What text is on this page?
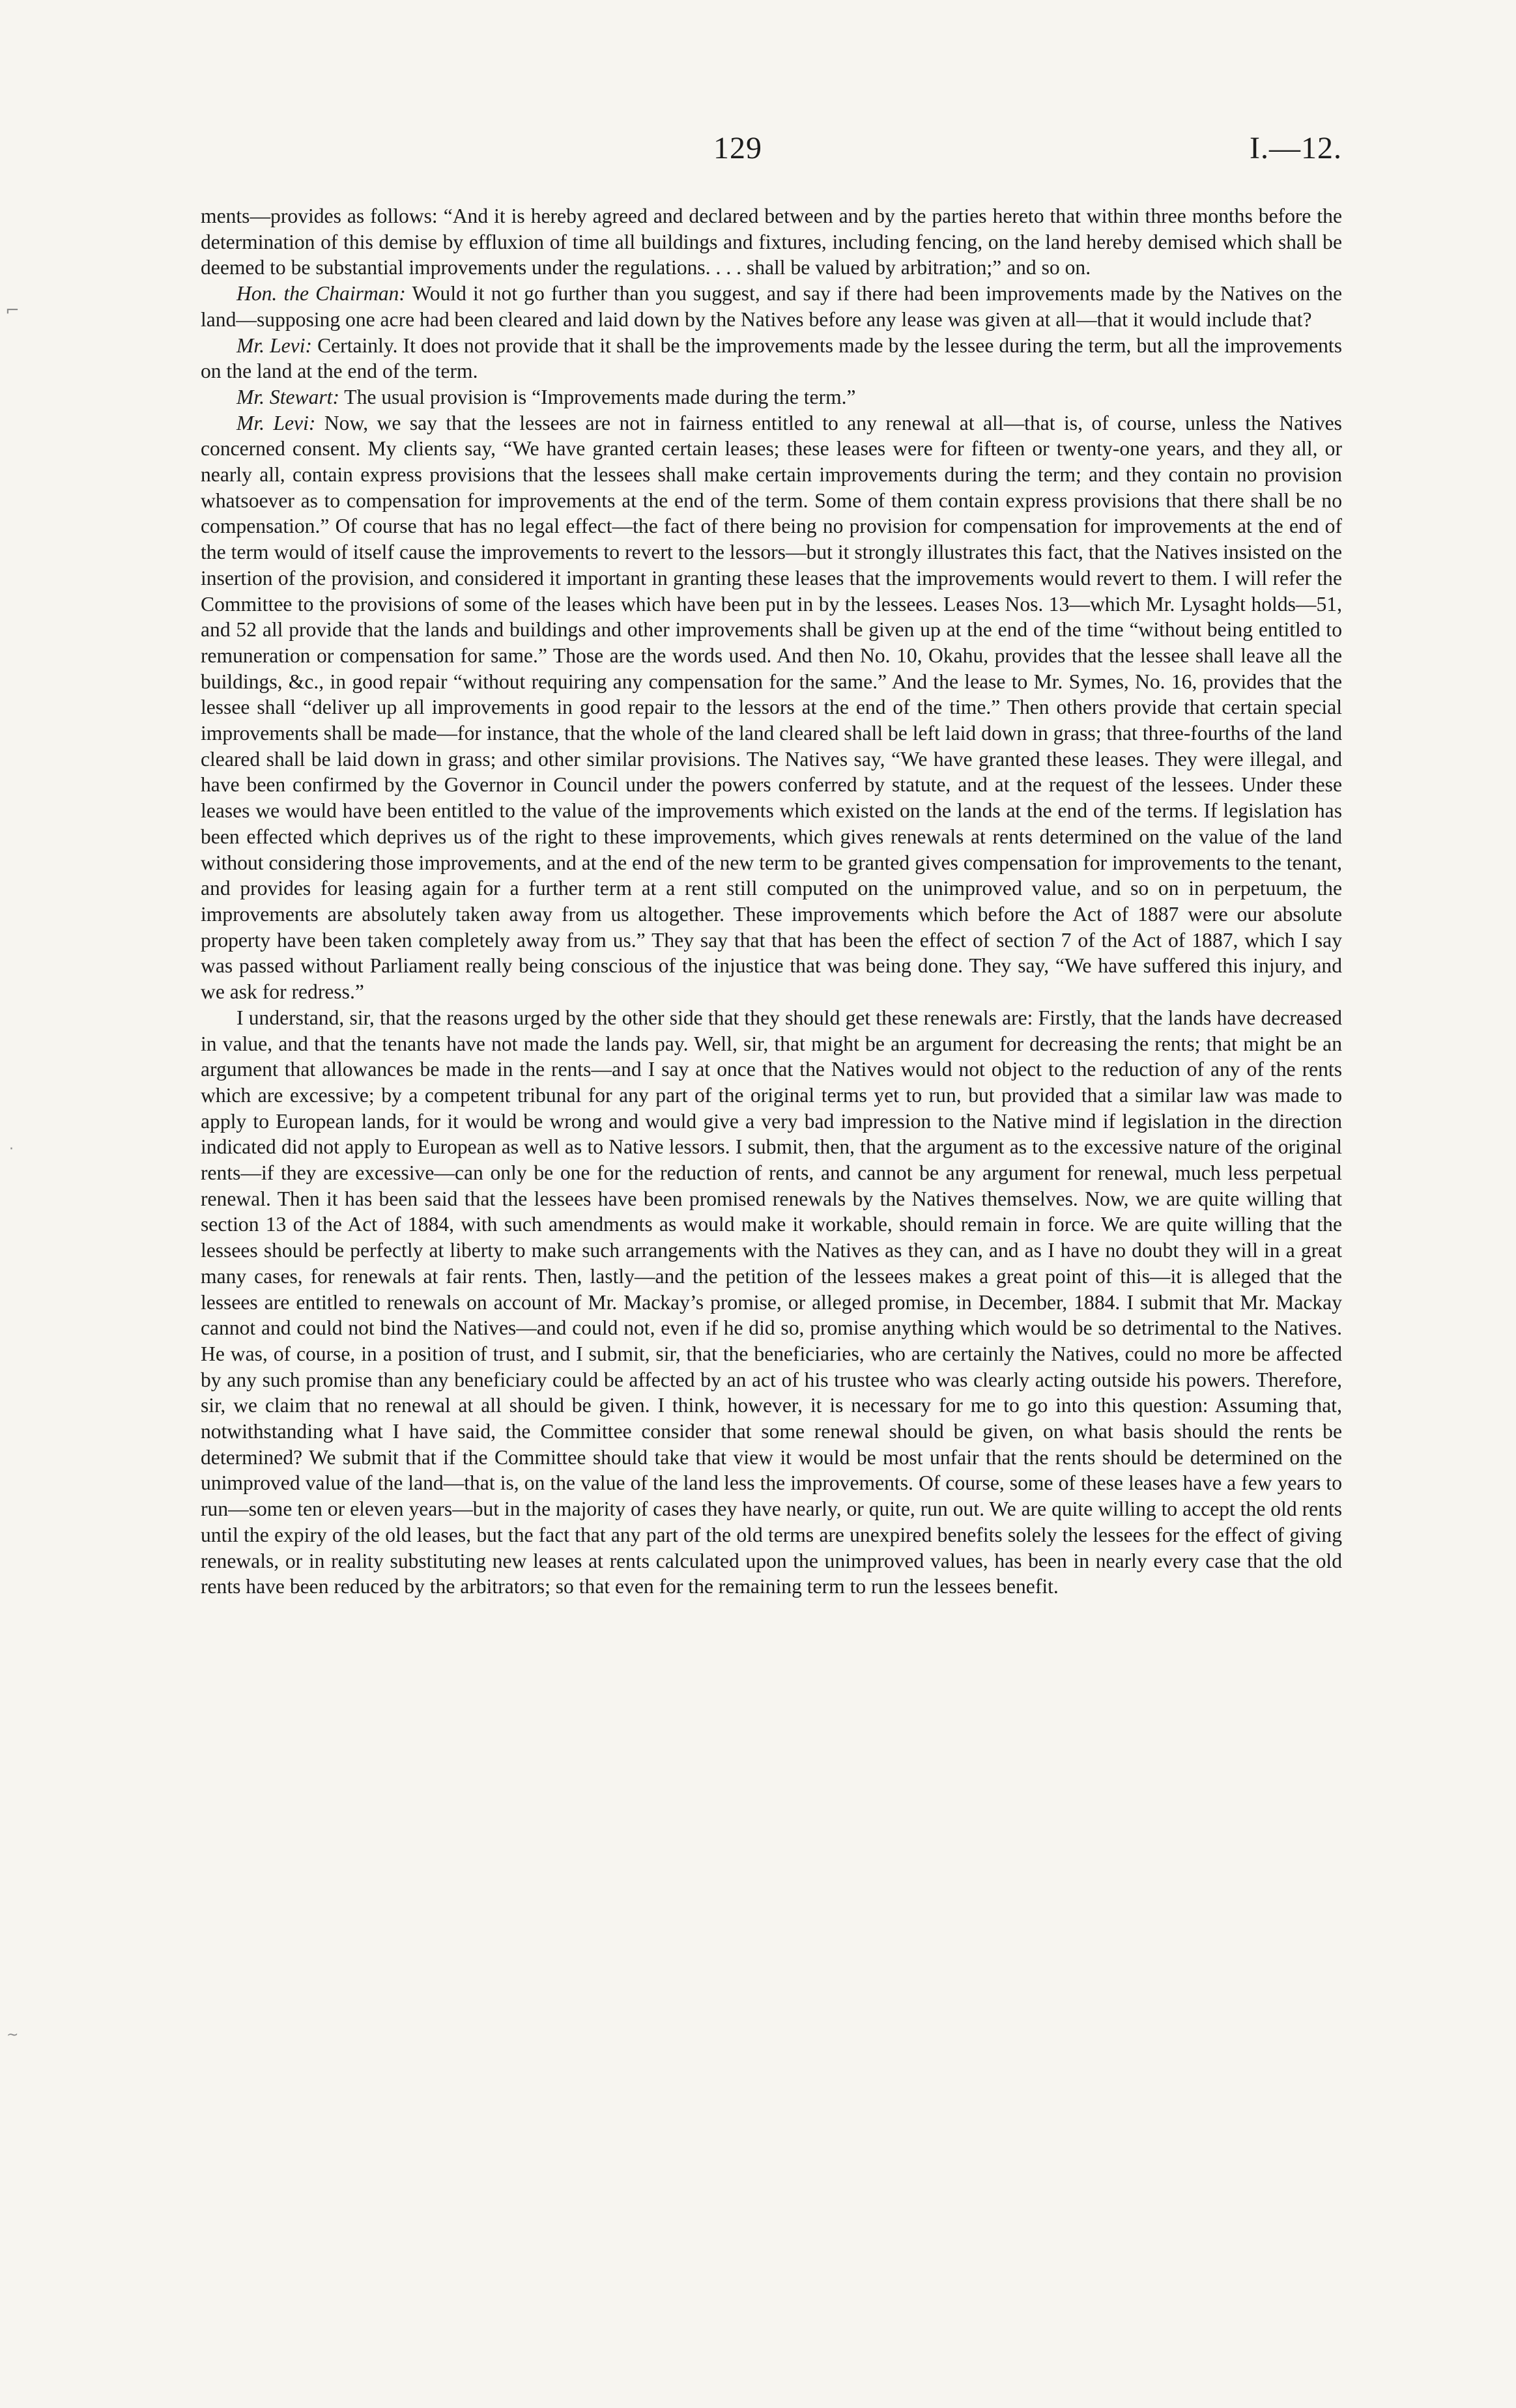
129	I.—12.
⌐
·
~

ments—provides as follows: “And it is hereby agreed and declared between and by the parties hereto that within three months before the determination of this demise by effluxion of time all buildings and fixtures, including fencing, on the land hereby demised which shall be deemed to be substantial improvements under the regulations. . . . shall be valued by arbitration;” and so on.

Hon. the Chairman: Would it not go further than you suggest, and say if there had been improvements made by the Natives on the land—supposing one acre had been cleared and laid down by the Natives before any lease was given at all—that it would include that?

Mr. Levi: Certainly. It does not provide that it shall be the improvements made by the lessee during the term, but all the improvements on the land at the end of the term.

Mr. Stewart: The usual provision is “Improvements made during the term.”

Mr. Levi: Now, we say that the lessees are not in fairness entitled to any renewal at all—that is, of course, unless the Natives concerned consent. My clients say, “We have granted certain leases; these leases were for fifteen or twenty-one years, and they all, or nearly all, contain express provisions that the lessees shall make certain improvements during the term; and they contain no provision whatsoever as to compensation for improvements at the end of the term. Some of them contain express provisions that there shall be no compensation.” Of course that has no legal effect—the fact of there being no provision for compensation for improvements at the end of the term would of itself cause the improvements to revert to the lessors—but it strongly illustrates this fact, that the Natives insisted on the insertion of the provision, and considered it important in granting these leases that the improvements would revert to them. I will refer the Committee to the provisions of some of the leases which have been put in by the lessees. Leases Nos. 13—which Mr. Lysaght holds—51, and 52 all provide that the lands and buildings and other improvements shall be given up at the end of the time “without being entitled to remuneration or compensation for same.” Those are the words used. And then No. 10, Okahu, provides that the lessee shall leave all the buildings, &c., in good repair “without requiring any compensation for the same.” And the lease to Mr. Symes, No. 16, provides that the lessee shall “deliver up all improvements in good repair to the lessors at the end of the time.” Then others provide that certain special improvements shall be made—for instance, that the whole of the land cleared shall be left laid down in grass; that three-fourths of the land cleared shall be laid down in grass; and other similar provisions. The Natives say, “We have granted these leases. They were illegal, and have been confirmed by the Governor in Council under the powers conferred by statute, and at the request of the lessees. Under these leases we would have been entitled to the value of the improvements which existed on the lands at the end of the terms. If legislation has been effected which deprives us of the right to these improvements, which gives renewals at rents determined on the value of the land without considering those improvements, and at the end of the new term to be granted gives compensation for improvements to the tenant, and provides for leasing again for a further term at a rent still computed on the unimproved value, and so on in perpetuum, the improvements are absolutely taken away from us altogether. These improvements which before the Act of 1887 were our absolute property have been taken completely away from us.” They say that that has been the effect of section 7 of the Act of 1887, which I say was passed without Parliament really being conscious of the injustice that was being done. They say, “We have suffered this injury, and we ask for redress.”

I understand, sir, that the reasons urged by the other side that they should get these renewals are: Firstly, that the lands have decreased in value, and that the tenants have not made the lands pay. Well, sir, that might be an argument for decreasing the rents; that might be an argument that allowances be made in the rents—and I say at once that the Natives would not object to the reduction of any of the rents which are excessive; by a competent tribunal for any part of the original terms yet to run, but provided that a similar law was made to apply to European lands, for it would be wrong and would give a very bad impression to the Native mind if legislation in the direction indicated did not apply to European as well as to Native lessors. I submit, then, that the argument as to the excessive nature of the original rents—if they are excessive—can only be one for the reduction of rents, and cannot be any argument for renewal, much less perpetual renewal. Then it has been said that the lessees have been promised renewals by the Natives themselves. Now, we are quite willing that section 13 of the Act of 1884, with such amendments as would make it workable, should remain in force. We are quite willing that the lessees should be perfectly at liberty to make such arrangements with the Natives as they can, and as I have no doubt they will in a great many cases, for renewals at fair rents. Then, lastly—and the petition of the lessees makes a great point of this—it is alleged that the lessees are entitled to renewals on account of Mr. Mackay’s promise, or alleged promise, in December, 1884. I submit that Mr. Mackay cannot and could not bind the Natives—and could not, even if he did so, promise anything which would be so detrimental to the Natives. He was, of course, in a position of trust, and I submit, sir, that the beneficiaries, who are certainly the Natives, could no more be affected by any such promise than any beneficiary could be affected by an act of his trustee who was clearly acting outside his powers. Therefore, sir, we claim that no renewal at all should be given. I think, however, it is necessary for me to go into this question: Assuming that, notwithstanding what I have said, the Committee consider that some renewal should be given, on what basis should the rents be determined? We submit that if the Committee should take that view it would be most unfair that the rents should be determined on the unimproved value of the land—that is, on the value of the land less the improvements. Of course, some of these leases have a few years to run—some ten or eleven years—but in the majority of cases they have nearly, or quite, run out. We are quite willing to accept the old rents until the expiry of the old leases, but the fact that any part of the old terms are unexpired benefits solely the lessees for the effect of giving renewals, or in reality substituting new leases at rents calculated upon the unimproved values, has been in nearly every case that the old rents have been reduced by the arbitrators; so that even for the remaining term to run the lessees benefit.
